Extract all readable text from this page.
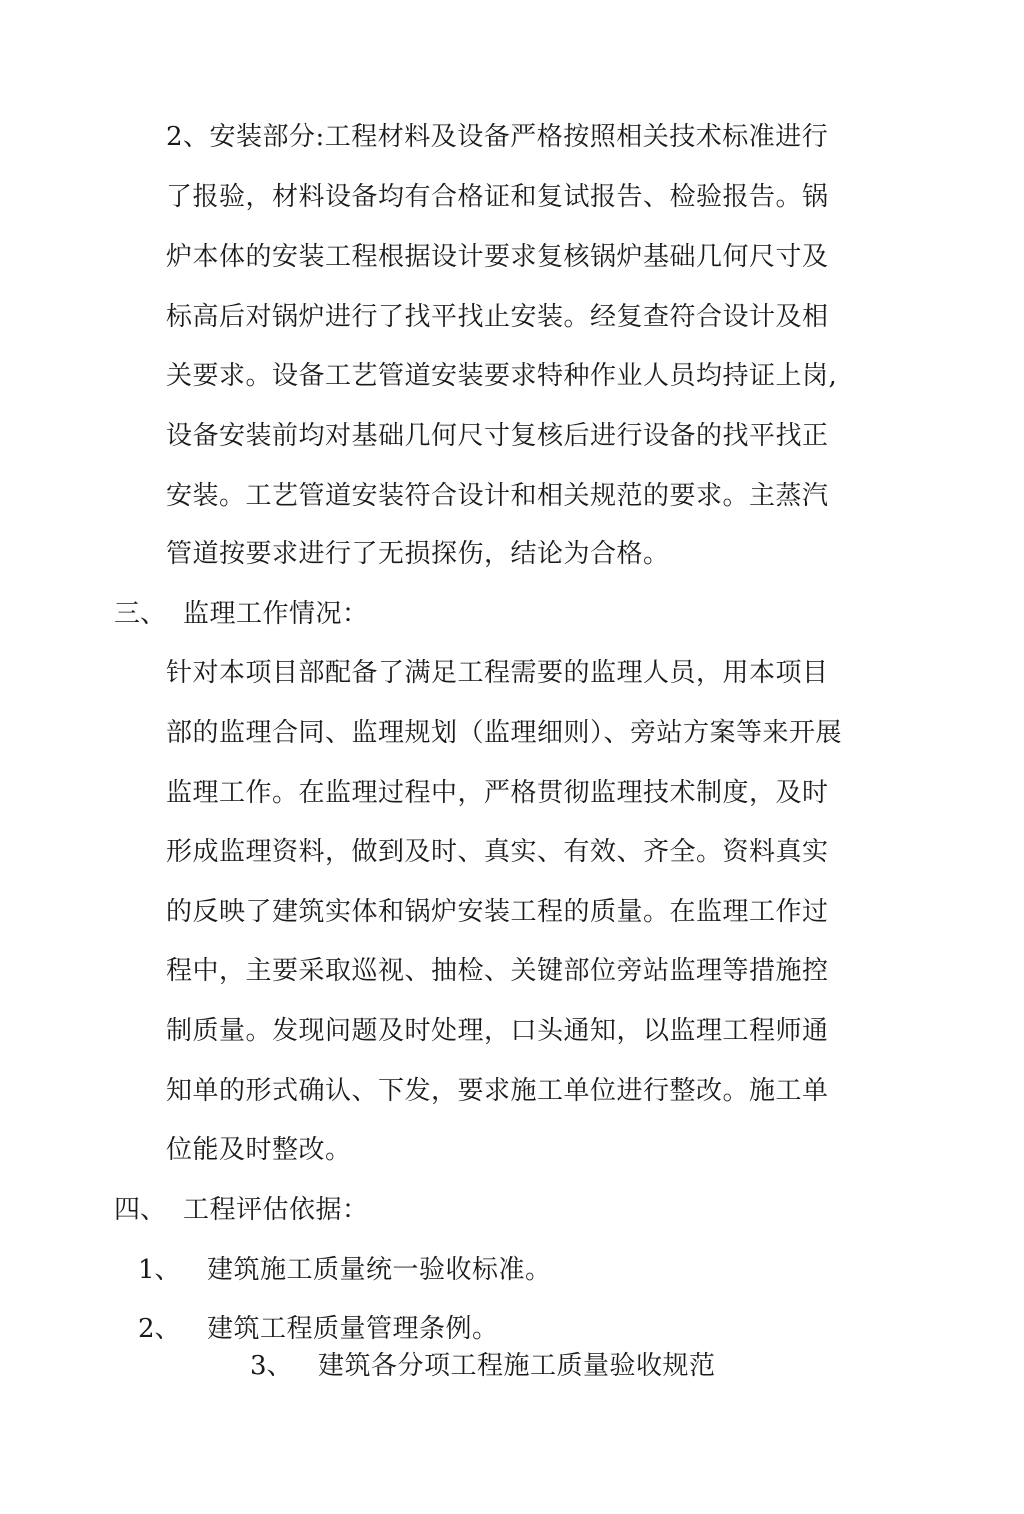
2、安装部分:工程材料及设备严格按照相关技术标准进行
了报验，材料设备均有合格证和复试报告、检验报告。锅
炉本体的安装工程根据设计要求复核锅炉基础几何尺寸及
标高后对锅炉进行了找平找止安装。经复查符合设计及相
关要求。设备工艺管道安装要求特种作业人员均持证上岗,
设备安装前均对基础几何尺寸复核后进行设备的找平找正
安装。工艺管道安装符合设计和相关规范的要求。主蒸汽
管道按要求进行了无损探伤，结论为合格。
三、 监理工作情况：
针对本项目部配备了满足工程需要的监理人员，用本项目
部的监理合同、监理规划（监理细则）、旁站方案等来开展
监理工作。在监理过程中，严格贯彻监理技术制度，及时
形成监理资料，做到及时、真实、有效、齐全。资料真实
的反映了建筑实体和锅炉安装工程的质量。在监理工作过
程中，主要采取巡视、抽检、关键部位旁站监理等措施控
制质量。发现问题及时处理，口头通知，以监理工程师通
知单的形式确认、下发，要求施工单位进行整改。施工单
位能及时整改。
四、 工程评估依据：
1、 建筑施工质量统一验收标准。
2、 建筑工程质量管理条例。
3、 建筑各分项工程施工质量验收规范
